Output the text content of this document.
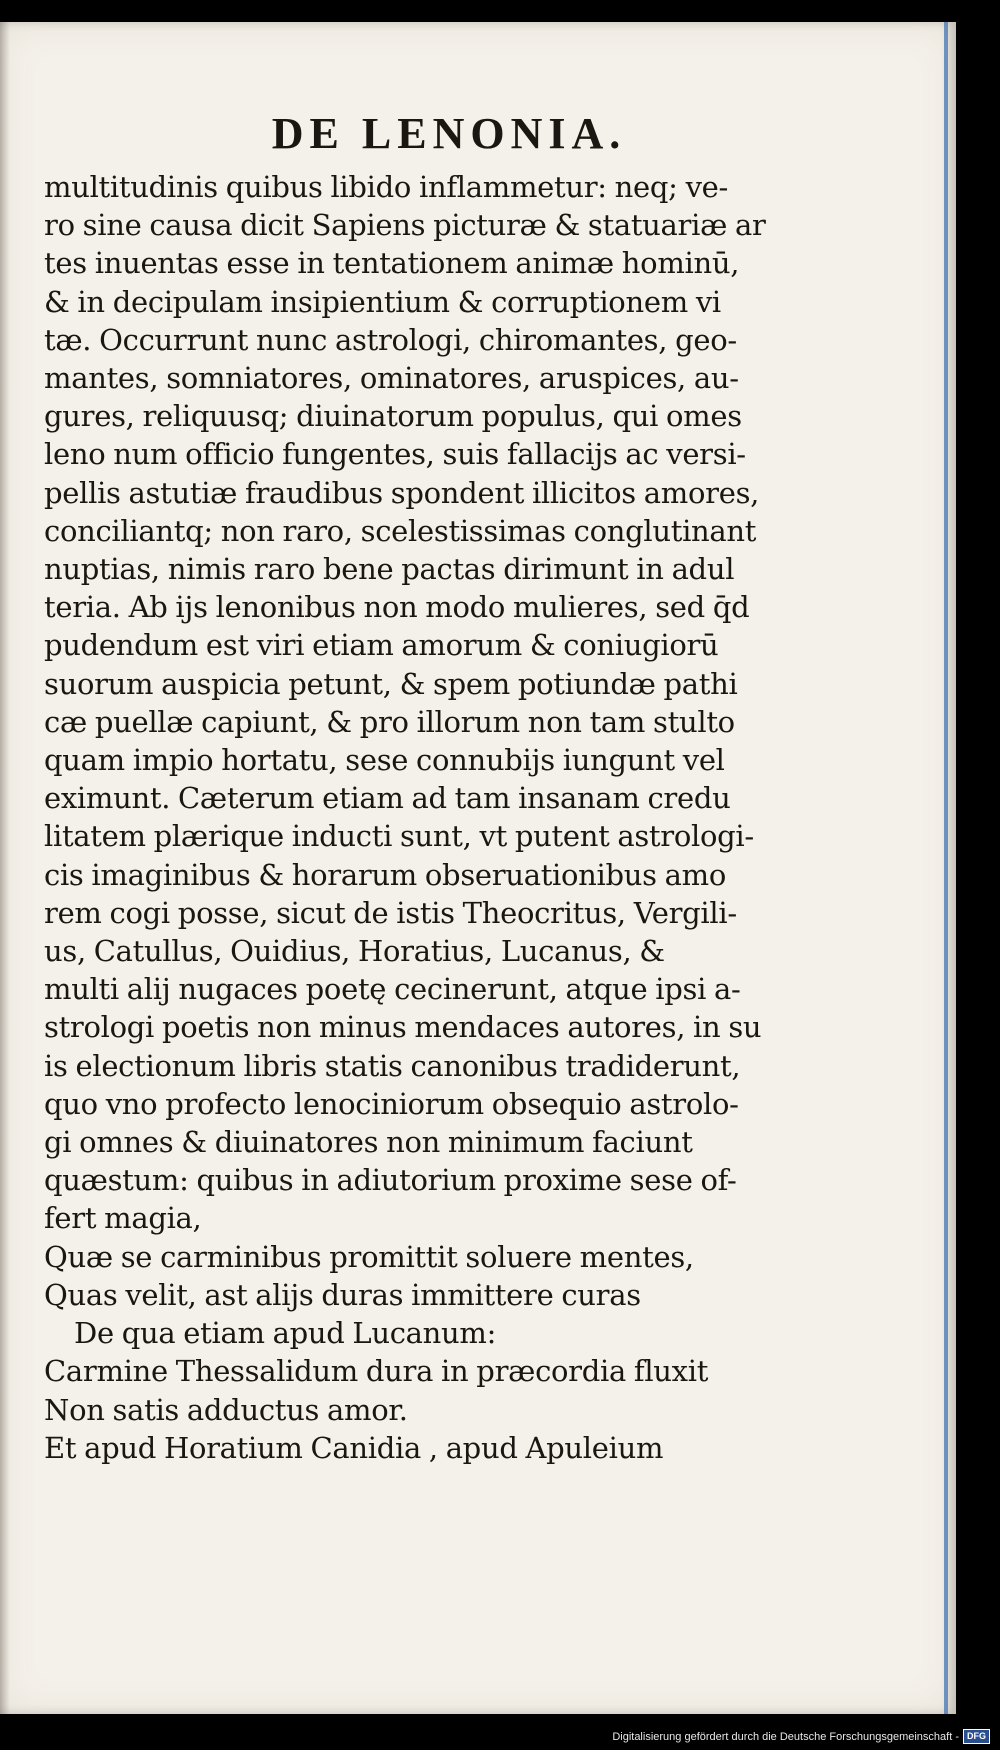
DE LENONIA.
multitudinis quibus libido inflammetur: neq; ve-
ro sine causa dicit Sapiens picturæ & statuariæ ar
tes inuentas esse in tentationem animæ hominū,
& in decipulam insipientium & corruptionem vi
tæ. Occurrunt nunc astrologi, chiromantes, geo-
mantes, somniatores, ominatores, aruspices, au-
gures, reliquusq; diuinatorum populus, qui omes
leno num officio fungentes, suis fallacijs ac versi-
pellis astutiæ fraudibus spondent illicitos amores,
conciliantq; non raro, scelestissimas conglutinant
nuptias, nimis raro bene pactas dirimunt in adul
teria. Ab ijs lenonibus non modo mulieres, sed q̄d
pudendum est viri etiam amorum & coniugiorū
suorum auspicia petunt, & spem potiundæ pathi
cæ puellæ capiunt, & pro illorum non tam stulto
quam impio hortatu, sese connubijs iungunt vel
eximunt. Cæterum etiam ad tam insanam credu
litatem plærique inducti sunt, vt putent astrologi-
cis imaginibus & horarum obseruationibus amo
rem cogi posse, sicut de istis Theocritus, Vergili-
us, Catullus, Ouidius, Horatius, Lucanus, &
multi alij nugaces poetę cecinerunt, atque ipsi a-
strologi poetis non minus mendaces autores, in su
is electionum libris statis canonibus tradiderunt,
quo vno profecto lenociniorum obsequio astrolo-
gi omnes & diuinatores non minimum faciunt
quæstum: quibus in adiutorium proxime sese of-
fert magia,
Quæ se carminibus promittit soluere mentes,
Quas velit, ast alijs duras immittere curas
De qua etiam apud Lucanum:
Carmine Thessalidum dura in præcordia fluxit
Non satis adductus amor.
Et apud Horatium Canidia , apud Apuleium
Digitalisierung gefördert durch die Deutsche Forschungsgemeinschaft - DFG
